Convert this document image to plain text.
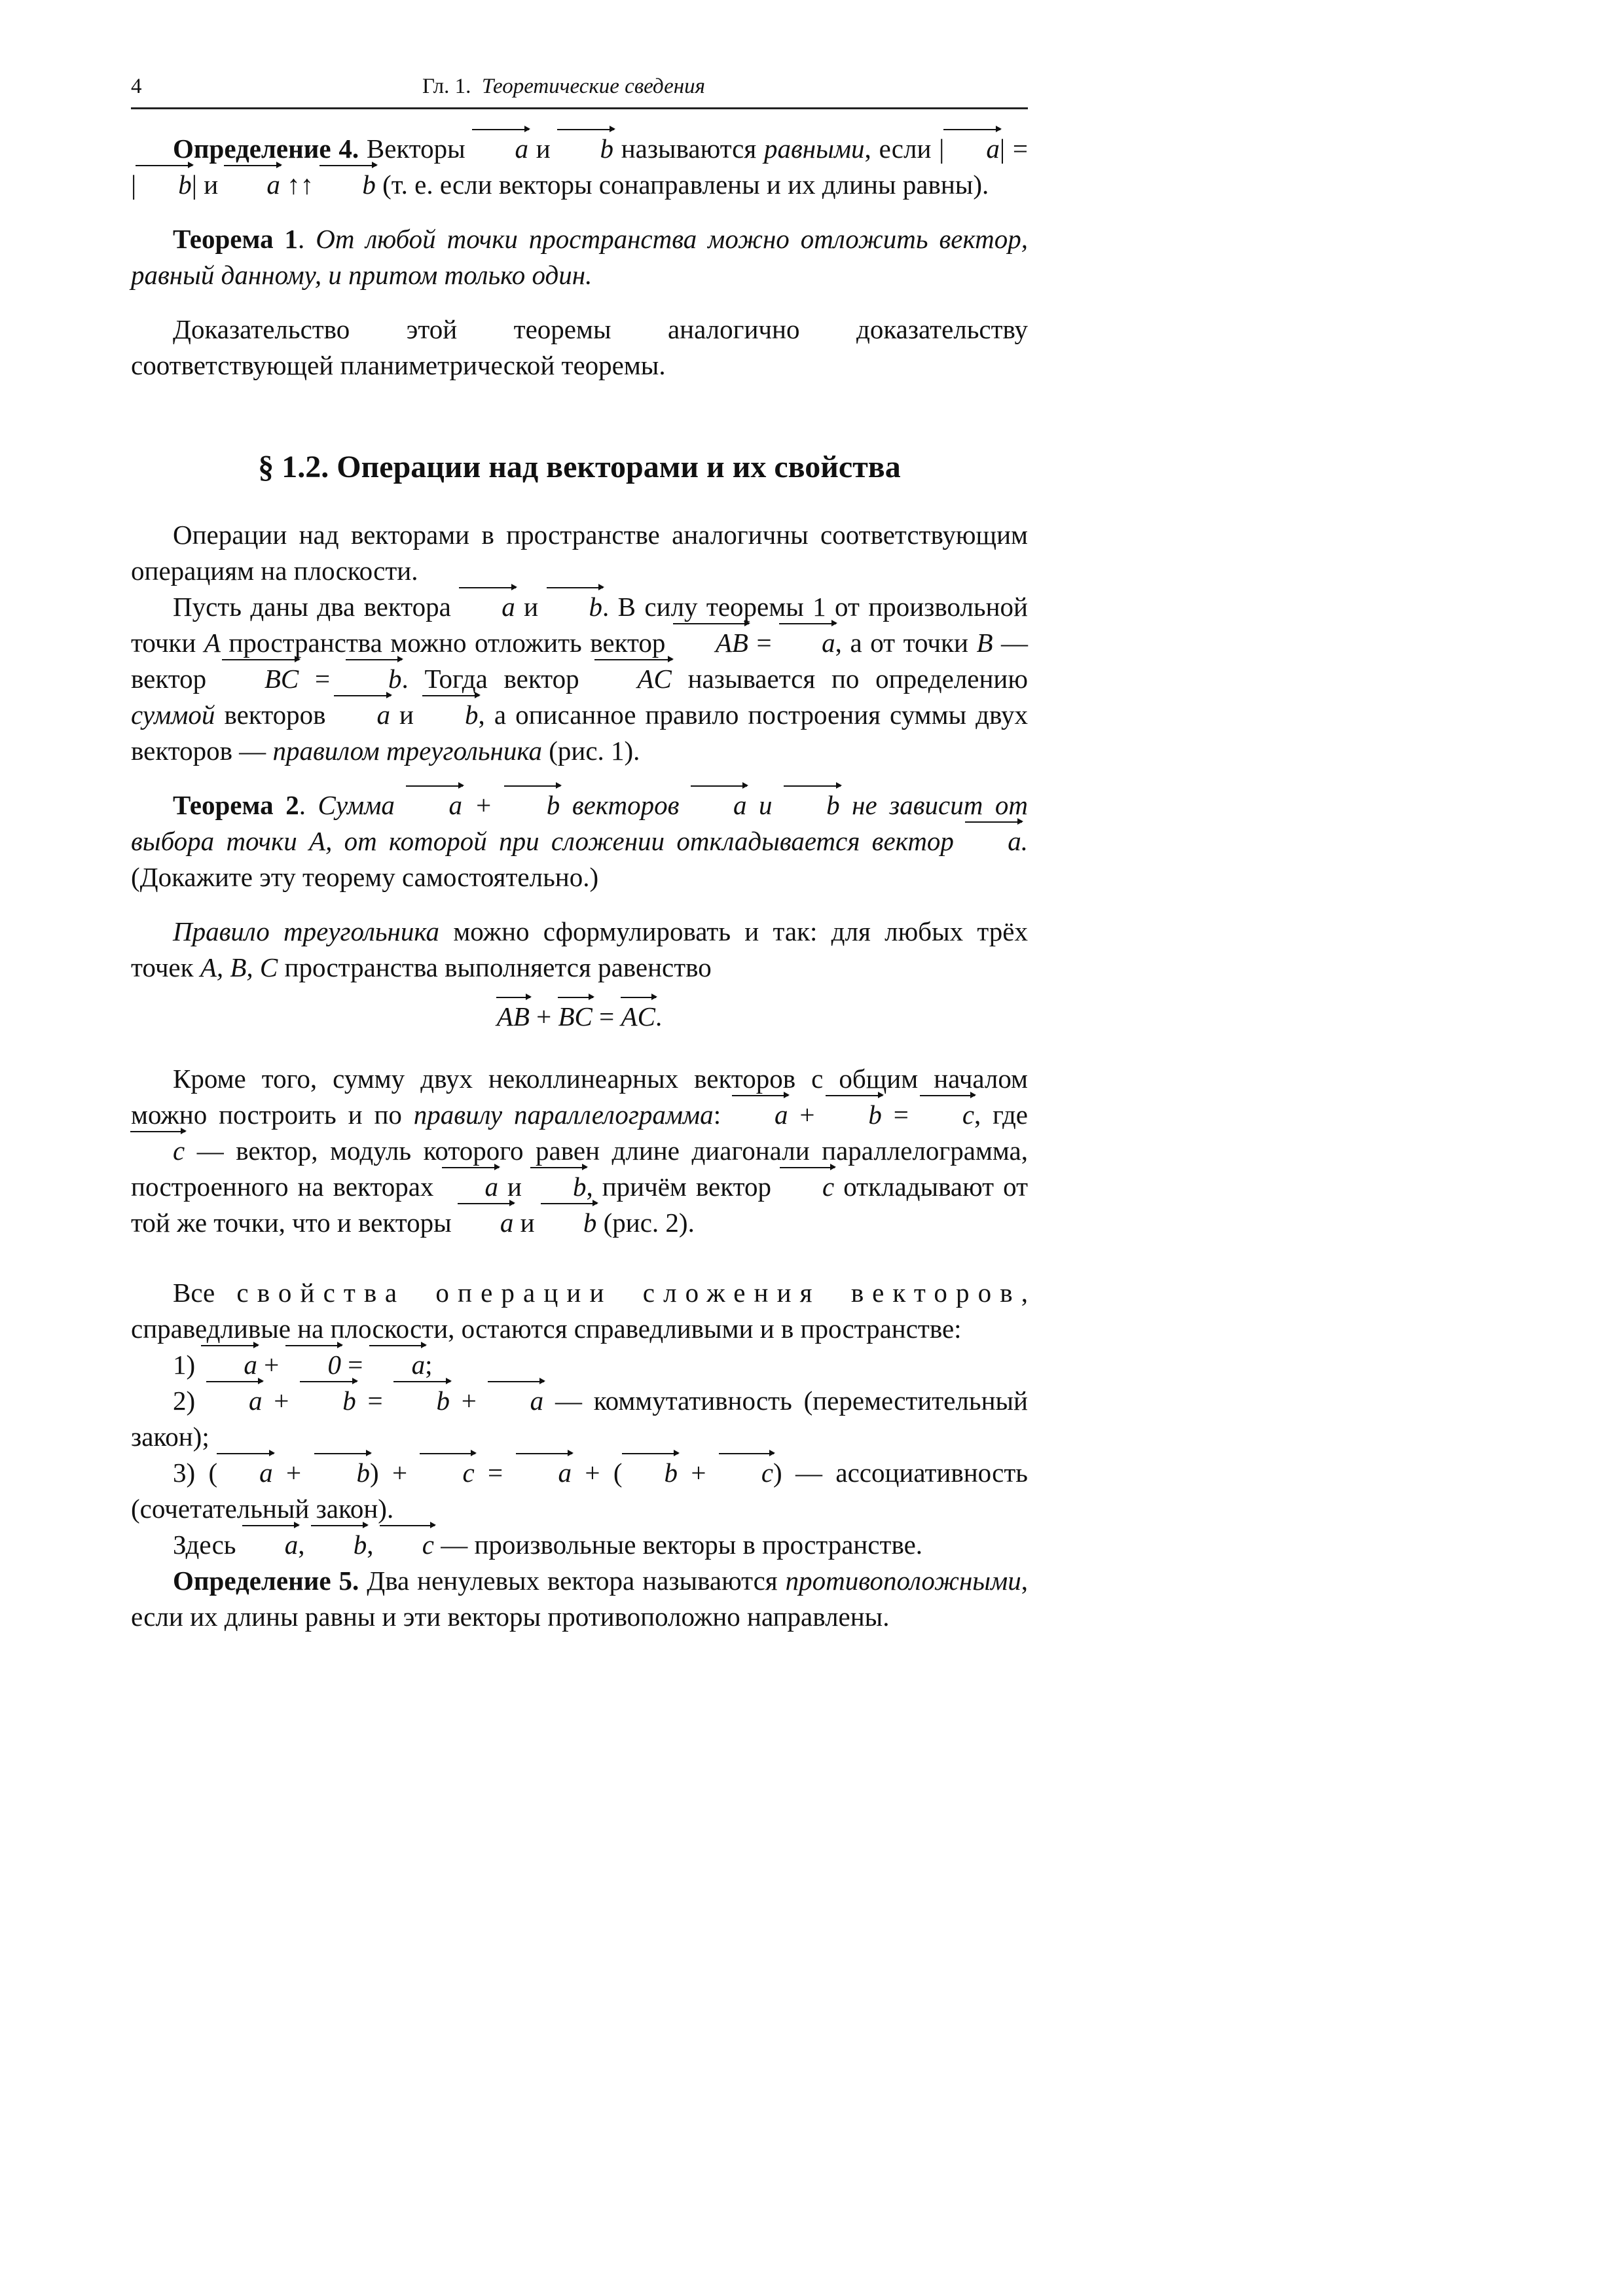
4	Гл. 1. Теоретические сведения

Определение 4. Векторы a и b называются равными, если | a| = | b| и a ↑↑ b (т. е. если векторы сонаправлены и их длины равны).

Теорема 1. От любой точки пространства можно отложить вектор, равный данному, и притом только один.

Доказательство этой теоремы аналогично доказательству соответствующей планиметрической теоремы.

§ 1.2. Операции над векторами и их свойства

Операции над векторами в пространстве аналогичны соответствующим операциям на плоскости.

Пусть даны два вектора a и b. В силу теоремы 1 от произвольной точки A пространства можно отложить вектор AB = a, а от точки B — вектор BC = b. Тогда вектор AC называется по определению суммой векторов a и b, а описанное правило построения суммы двух векторов — правилом треугольника (рис. 1).

Теорема 2. Сумма a + b векторов a и b не зависит от выбора точки A, от которой при сложении откладывается вектор a. (Докажите эту теорему самостоятельно.)

Правило треугольника можно сформулировать и так: для любых трёх точек A, B, C пространства выполняется равенство

AB + BC = AC.

Кроме того, сумму двух неколлинеарных векторов с общим началом можно построить и по правилу параллелограмма: a + b = c, где c — вектор, модуль которого равен длине диагонали параллелограмма, построенного на векторах a и b, причём вектор c откладывают от той же точки, что и векторы a и b (рис. 2).

Все свойства операции сложения векторов, справедливые на плоскости, остаются справедливыми и в пространстве:

1) a + 0 = a;

2) a + b = b + a — коммутативность (переместительный закон);

3) ( a + b) + c = a + ( b + c) — ассоциативность (сочетательный закон).

Здесь a, b, c — произвольные векторы в пространстве.

Определение 5. Два ненулевых вектора называются противоположными, если их длины равны и эти векторы противоположно направлены.
